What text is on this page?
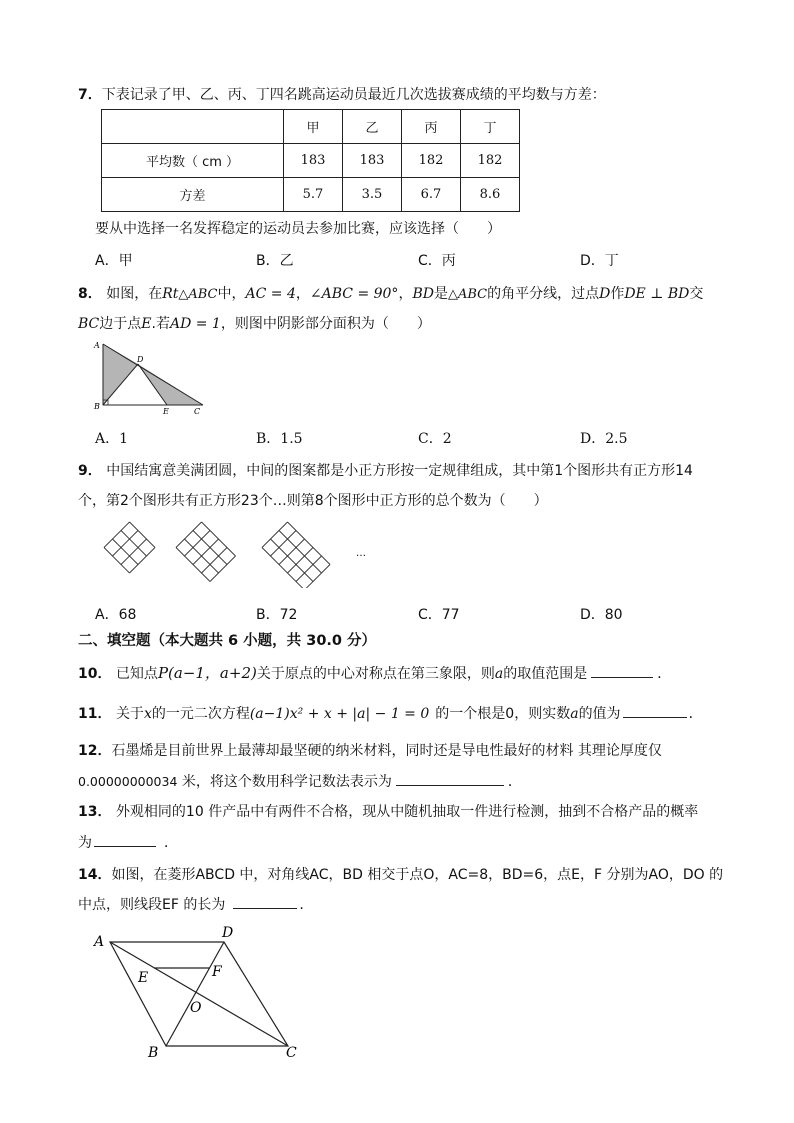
7．下表记录了甲、乙、丙、丁四名跳高运动员最近几次选拔赛成绩的平均数与方差：
	甲	乙	丙	丁
平均数（ cm ）	183	183	182	182
方差	5.7	3.5	6.7	8.6
要从中选择一名发挥稳定的运动员去参加比赛，应该选择（　　）
A．甲	B．乙	C．丙	D．丁
8． 如图，在Rt△ABC中，AC = 4，∠ABC = 90°，BD是△ABC的角平分线，过点D作DE ⊥ BD交
BC边于点E.若AD = 1，则图中阴影部分面积为（　　）
A
B
C
D
E
A．1	B．1.5	C．2	D．2.5
9． 中国结寓意美满团圆，中间的图案都是小正方形按一定规律组成，其中第1个图形共有正方形14
个，第2个图形共有正方形23个…则第8个图形中正方形的总个数为（　　）
…
A．68	B．72	C．77	D．80
二、填空题（本大题共 6 小题，共 30.0 分）
10． 已知点P(a−1，a+2)关于原点的中心对称点在第三象限，则a的取值范围是	．
11． 关于x的一元二次方程(a−1)x² + x + |a| − 1 = 0 的一个根是0，则实数a的值为	．
12．石墨烯是目前世界上最薄却最坚硬的纳米材料，同时还是导电性最好的材料 其理论厚度仅
0.00000000034 米，将这个数用科学记数法表示为	．
13． 外观相同的10 件产品中有两件不合格，现从中随机抽取一件进行检测，抽到不合格产品的概率
为	．
14．如图，在菱形ABCD 中，对角线AC，BD 相交于点O，AC=8，BD=6，点E，F 分别为AO，DO 的
中点，则线段EF 的长为	.
A
D
B	C
E	F
O
